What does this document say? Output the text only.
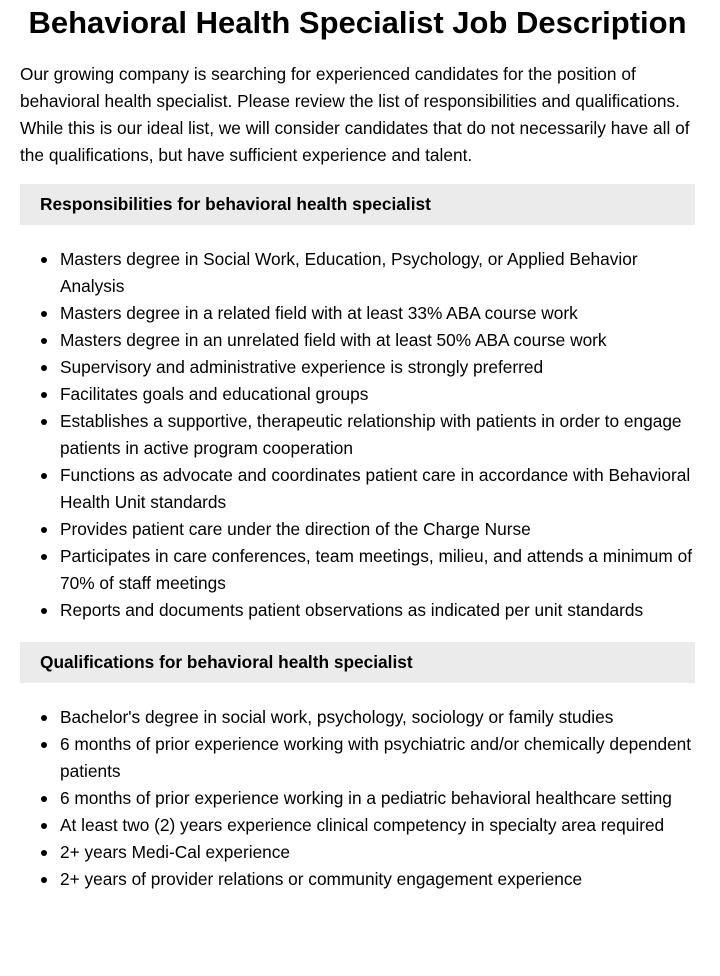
Behavioral Health Specialist Job Description

Our growing company is searching for experienced candidates for the position of behavioral health specialist. Please review the list of responsibilities and qualifications. While this is our ideal list, we will consider candidates that do not necessarily have all of the qualifications, but have sufficient experience and talent.

Responsibilities for behavioral health specialist
Masters degree in Social Work, Education, Psychology, or Applied Behavior Analysis
Masters degree in a related field with at least 33% ABA course work
Masters degree in an unrelated field with at least 50% ABA course work
Supervisory and administrative experience is strongly preferred
Facilitates goals and educational groups
Establishes a supportive, therapeutic relationship with patients in order to engage patients in active program cooperation
Functions as advocate and coordinates patient care in accordance with Behavioral Health Unit standards
Provides patient care under the direction of the Charge Nurse
Participates in care conferences, team meetings, milieu, and attends a minimum of 70% of staff meetings
Reports and documents patient observations as indicated per unit standards
Qualifications for behavioral health specialist
Bachelor's degree in social work, psychology, sociology or family studies
6 months of prior experience working with psychiatric and/or chemically dependent patients
6 months of prior experience working in a pediatric behavioral healthcare setting
At least two (2) years experience clinical competency in specialty area required
2+ years Medi-Cal experience
2+ years of provider relations or community engagement experience
